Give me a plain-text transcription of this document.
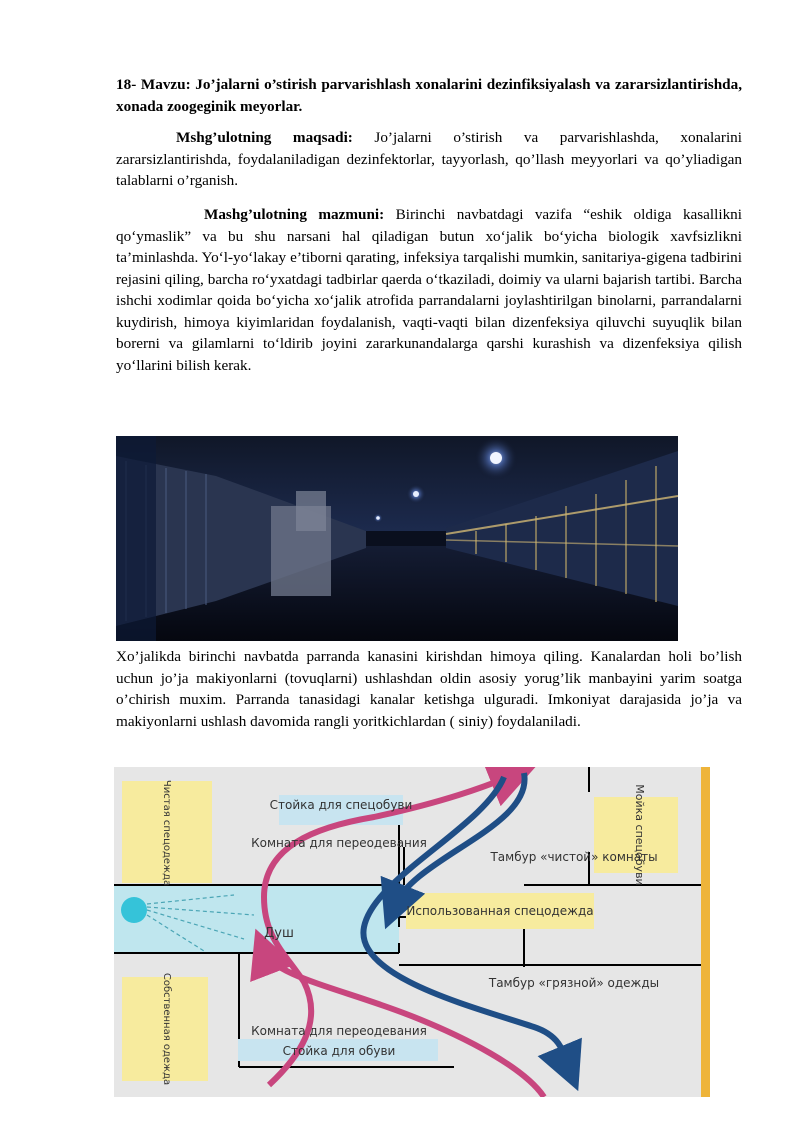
18- Mavzu: Jo’jalarni o’stirish parvarishlash xonalarini dezinfiksiyalash va zararsizlantirishda, xonada zoogeginik meyorlar.

Mshg’ulotning maqsadi: Jo’jalarni o’stirish va parvarishlashda, xonalarini zararsizlantirishda, foydalaniladigan dezinfektorlar, tayyorlash, qo’llash meyyorlari va qo’yliadigan talablarni o’rganish.

Mashg’ulotning mazmuni: Birinchi navbatdagi vazifa “eshik oldiga kasallikni qo‘ymaslik” va bu shu narsani hal qiladigan butun xo‘jalik bo‘yicha biologik xavfsizlikni ta’minlashda. Yo‘l-yo‘lakay e’tiborni qarating, infeksiya tarqalishi mumkin, sanitariya-gigena tadbirini rejasini qiling, barcha ro‘yxatdagi tadbirlar qaerda o‘tkaziladi, doimiy va ularni bajarish tartibi. Barcha ishchi xodimlar qoida bo‘yicha xo‘jalik atrofida parrandalarni joylashtirilgan binolarni, parrandalarni kuydirish, himoya kiyimlaridan foydalanish, vaqti-vaqti bilan dizenfeksiya qiluvchi suyuqlik bilan borerni va gilamlarni to‘ldirib joyini zararkunandalarga qarshi kurashish va dizenfeksiya qilish yo‘llarini bilish kerak.

Xo’jalikda birinchi navbatda parranda kanasini kirishdan himoya qiling. Kanalardan holi bo’lish uchun jo’ja makiyonlarni (tovuqlarni) ushlashdan oldin asosiy yorug’lik manbayini yarim soatga o’chirish muxim. Parranda tanasidagi kanalar ketishga ulguradi. Imkoniyat darajasida jo’ja va makiyonlarni ushlash davomida rangli yoritkichlardan ( siniy) foydalaniladi.

Стойка для спецобуви
Комната для переодевания
Тамбур «чистой» комнаты
Использованная спецодежда
Душ
Тамбур «грязной» одежды
Комната для переодевания
Стойка для обуви
Чистая спецодежда	Мойка спецобуви
Собственная одежда
